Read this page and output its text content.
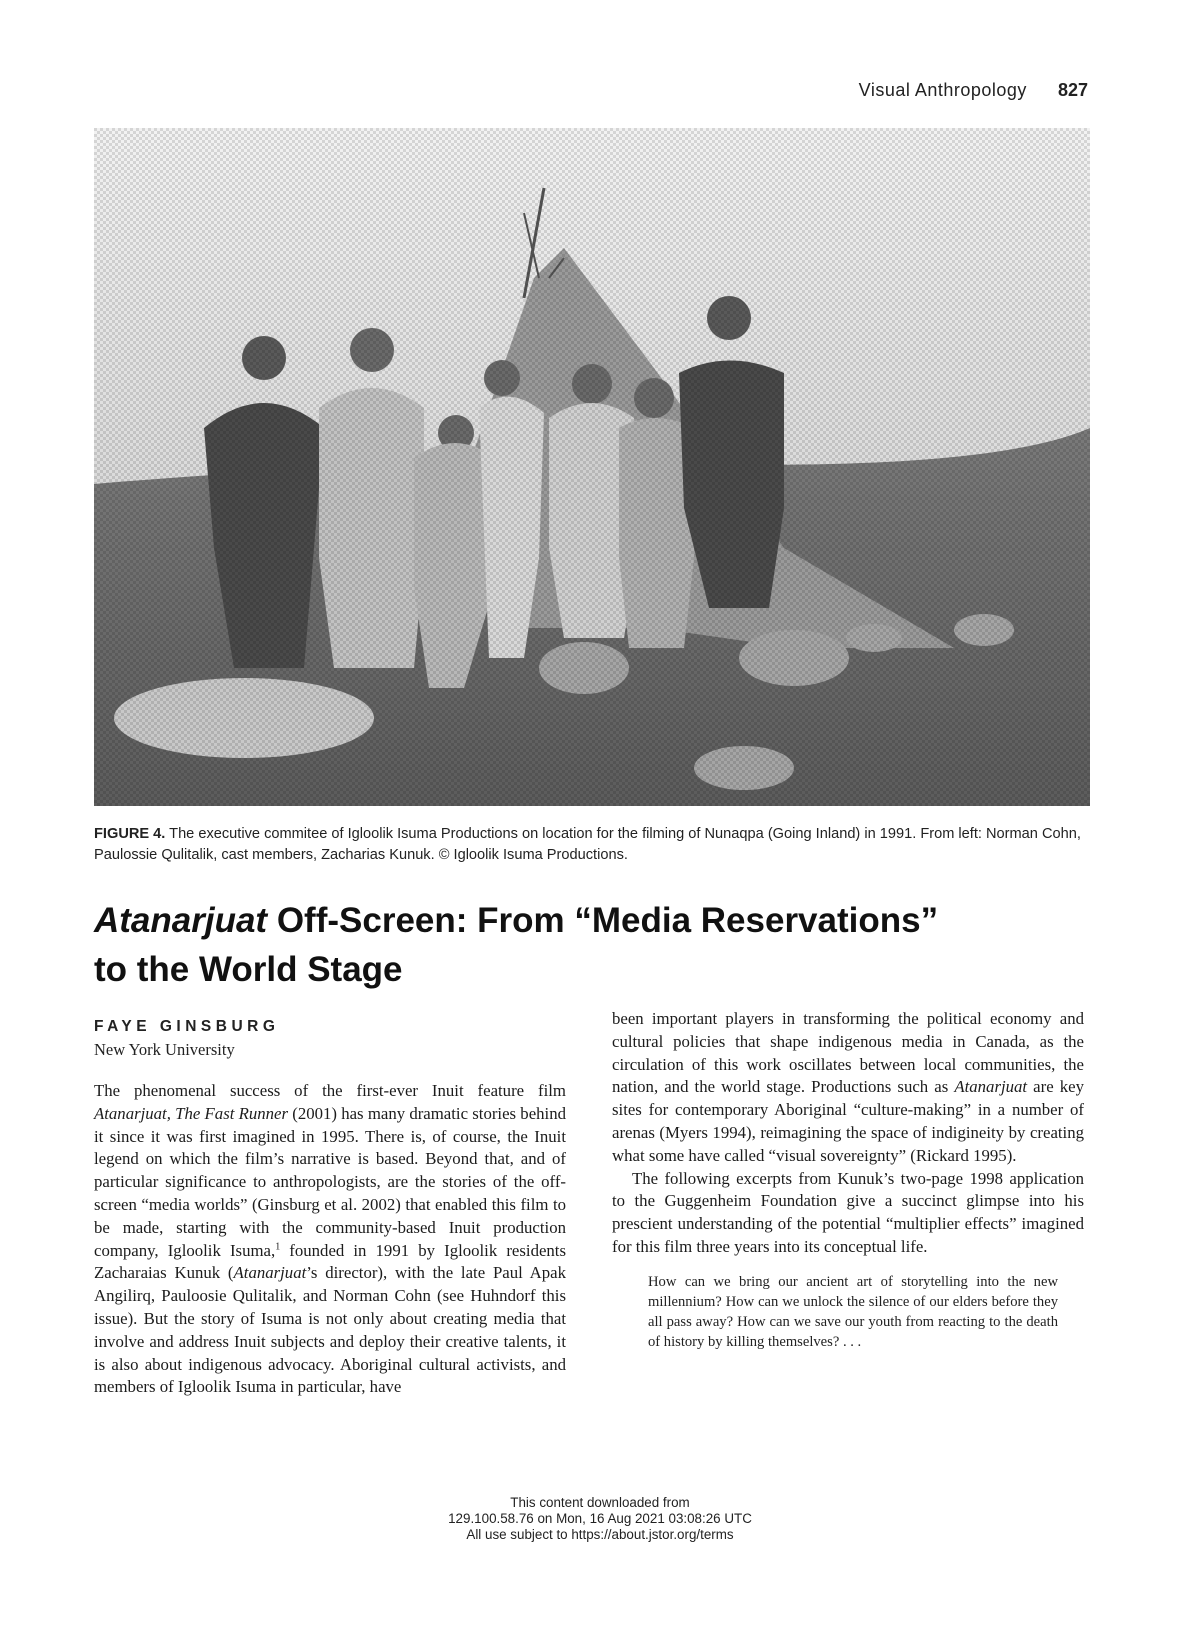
Visual Anthropology 827
FIGURE 4. The executive commitee of Igloolik Isuma Productions on location for the filming of Nunaqpa (Going Inland) in 1991. From left: Norman Cohn, Paulossie Qulitalik, cast members, Zacharias Kunuk. © Igloolik Isuma Productions.
Atanarjuat Off-Screen: From “Media Reservations”
to the World Stage
FAYE GINSBURG
New York University

The phenomenal success of the first-ever Inuit feature film Atanarjuat, The Fast Runner (2001) has many dramatic stories behind it since it was first imagined in 1995. There is, of course, the Inuit legend on which the film’s narrative is based. Beyond that, and of particular significance to anthropologists, are the stories of the off-screen “media worlds” (Ginsburg et al. 2002) that enabled this film to be made, starting with the community-based Inuit production company, Igloolik Isuma,$^1$ founded in 1991 by Igloolik residents Zacharaias Kunuk (Atanarjuat’s director), with the late Paul Apak Angilirq, Pauloosie Qulitalik, and Norman Cohn (see Huhndorf this issue). But the story of Isuma is not only about creating media that involve and address Inuit subjects and deploy their creative talents, it is also about indigenous advocacy. Aboriginal cultural activists, and members of Igloolik Isuma in particular, have

been important players in transforming the political economy and cultural policies that shape indigenous media in Canada, as the circulation of this work oscillates between local communities, the nation, and the world stage. Productions such as Atanarjuat are key sites for contemporary Aboriginal “culture-making” in a number of arenas (Myers 1994), reimagining the space of indigineity by creating what some have called “visual sovereignty” (Rickard 1995).

The following excerpts from Kunuk’s two-page 1998 application to the Guggenheim Foundation give a succinct glimpse into his prescient understanding of the potential “multiplier effects” imagined for this film three years into its conceptual life.

How can we bring our ancient art of storytelling into the new millennium? How can we unlock the silence of our elders before they all pass away? How can we save our youth from reacting to the death of history by killing themselves? . . .

This content downloaded from
129.100.58.76 on Mon, 16 Aug 2021 03:08:26 UTC
All use subject to https://about.jstor.org/terms
